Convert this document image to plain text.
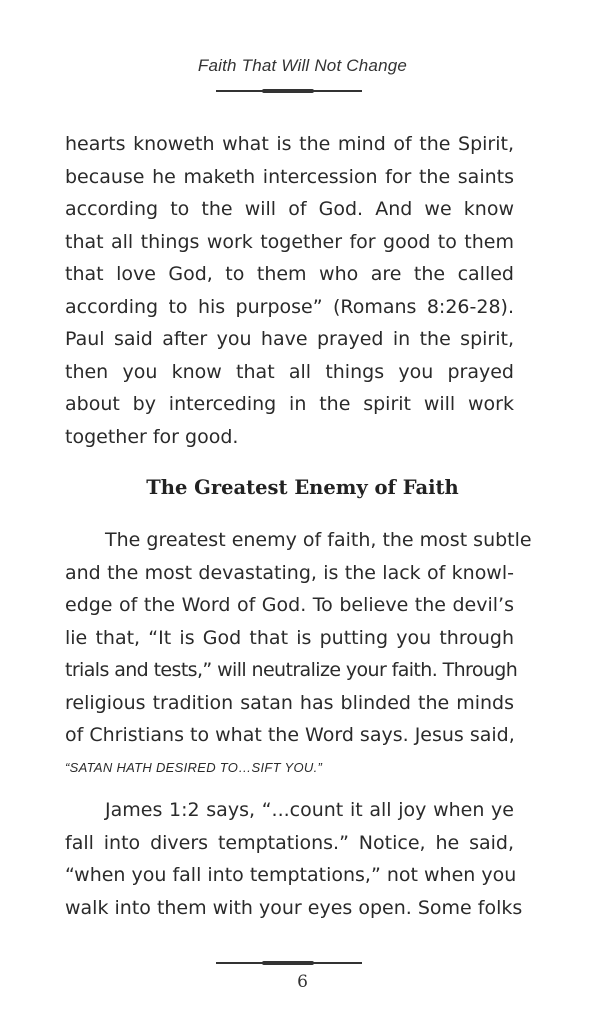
Faith That Will Not Change
hearts knoweth what is the mind of the Spirit,
because he maketh intercession for the saints
according to the will of God. And we know
that all things work together for good to them
that love God, to them who are the called
according to his purpose” (Romans 8:26-28).
Paul said after you have prayed in the spirit,
then you know that all things you prayed
about by interceding in the spirit will work
together for good.
The Greatest Enemy of Faith
The greatest enemy of faith, the most subtle
and the most devastating, is the lack of knowl-
edge of the Word of God. To believe the devil’s
lie that, “It is God that is putting you through
trials and tests,” will neutralize your faith. Through
religious tradition satan has blinded the minds
of Christians to what the Word says. Jesus said,
“SATAN HATH DESIRED TO…SIFT YOU.”
James 1:2 says, “...count it all joy when ye
fall into divers temptations.” Notice, he said,
“when you fall into temptations,” not when you
walk into them with your eyes open. Some folks
6
